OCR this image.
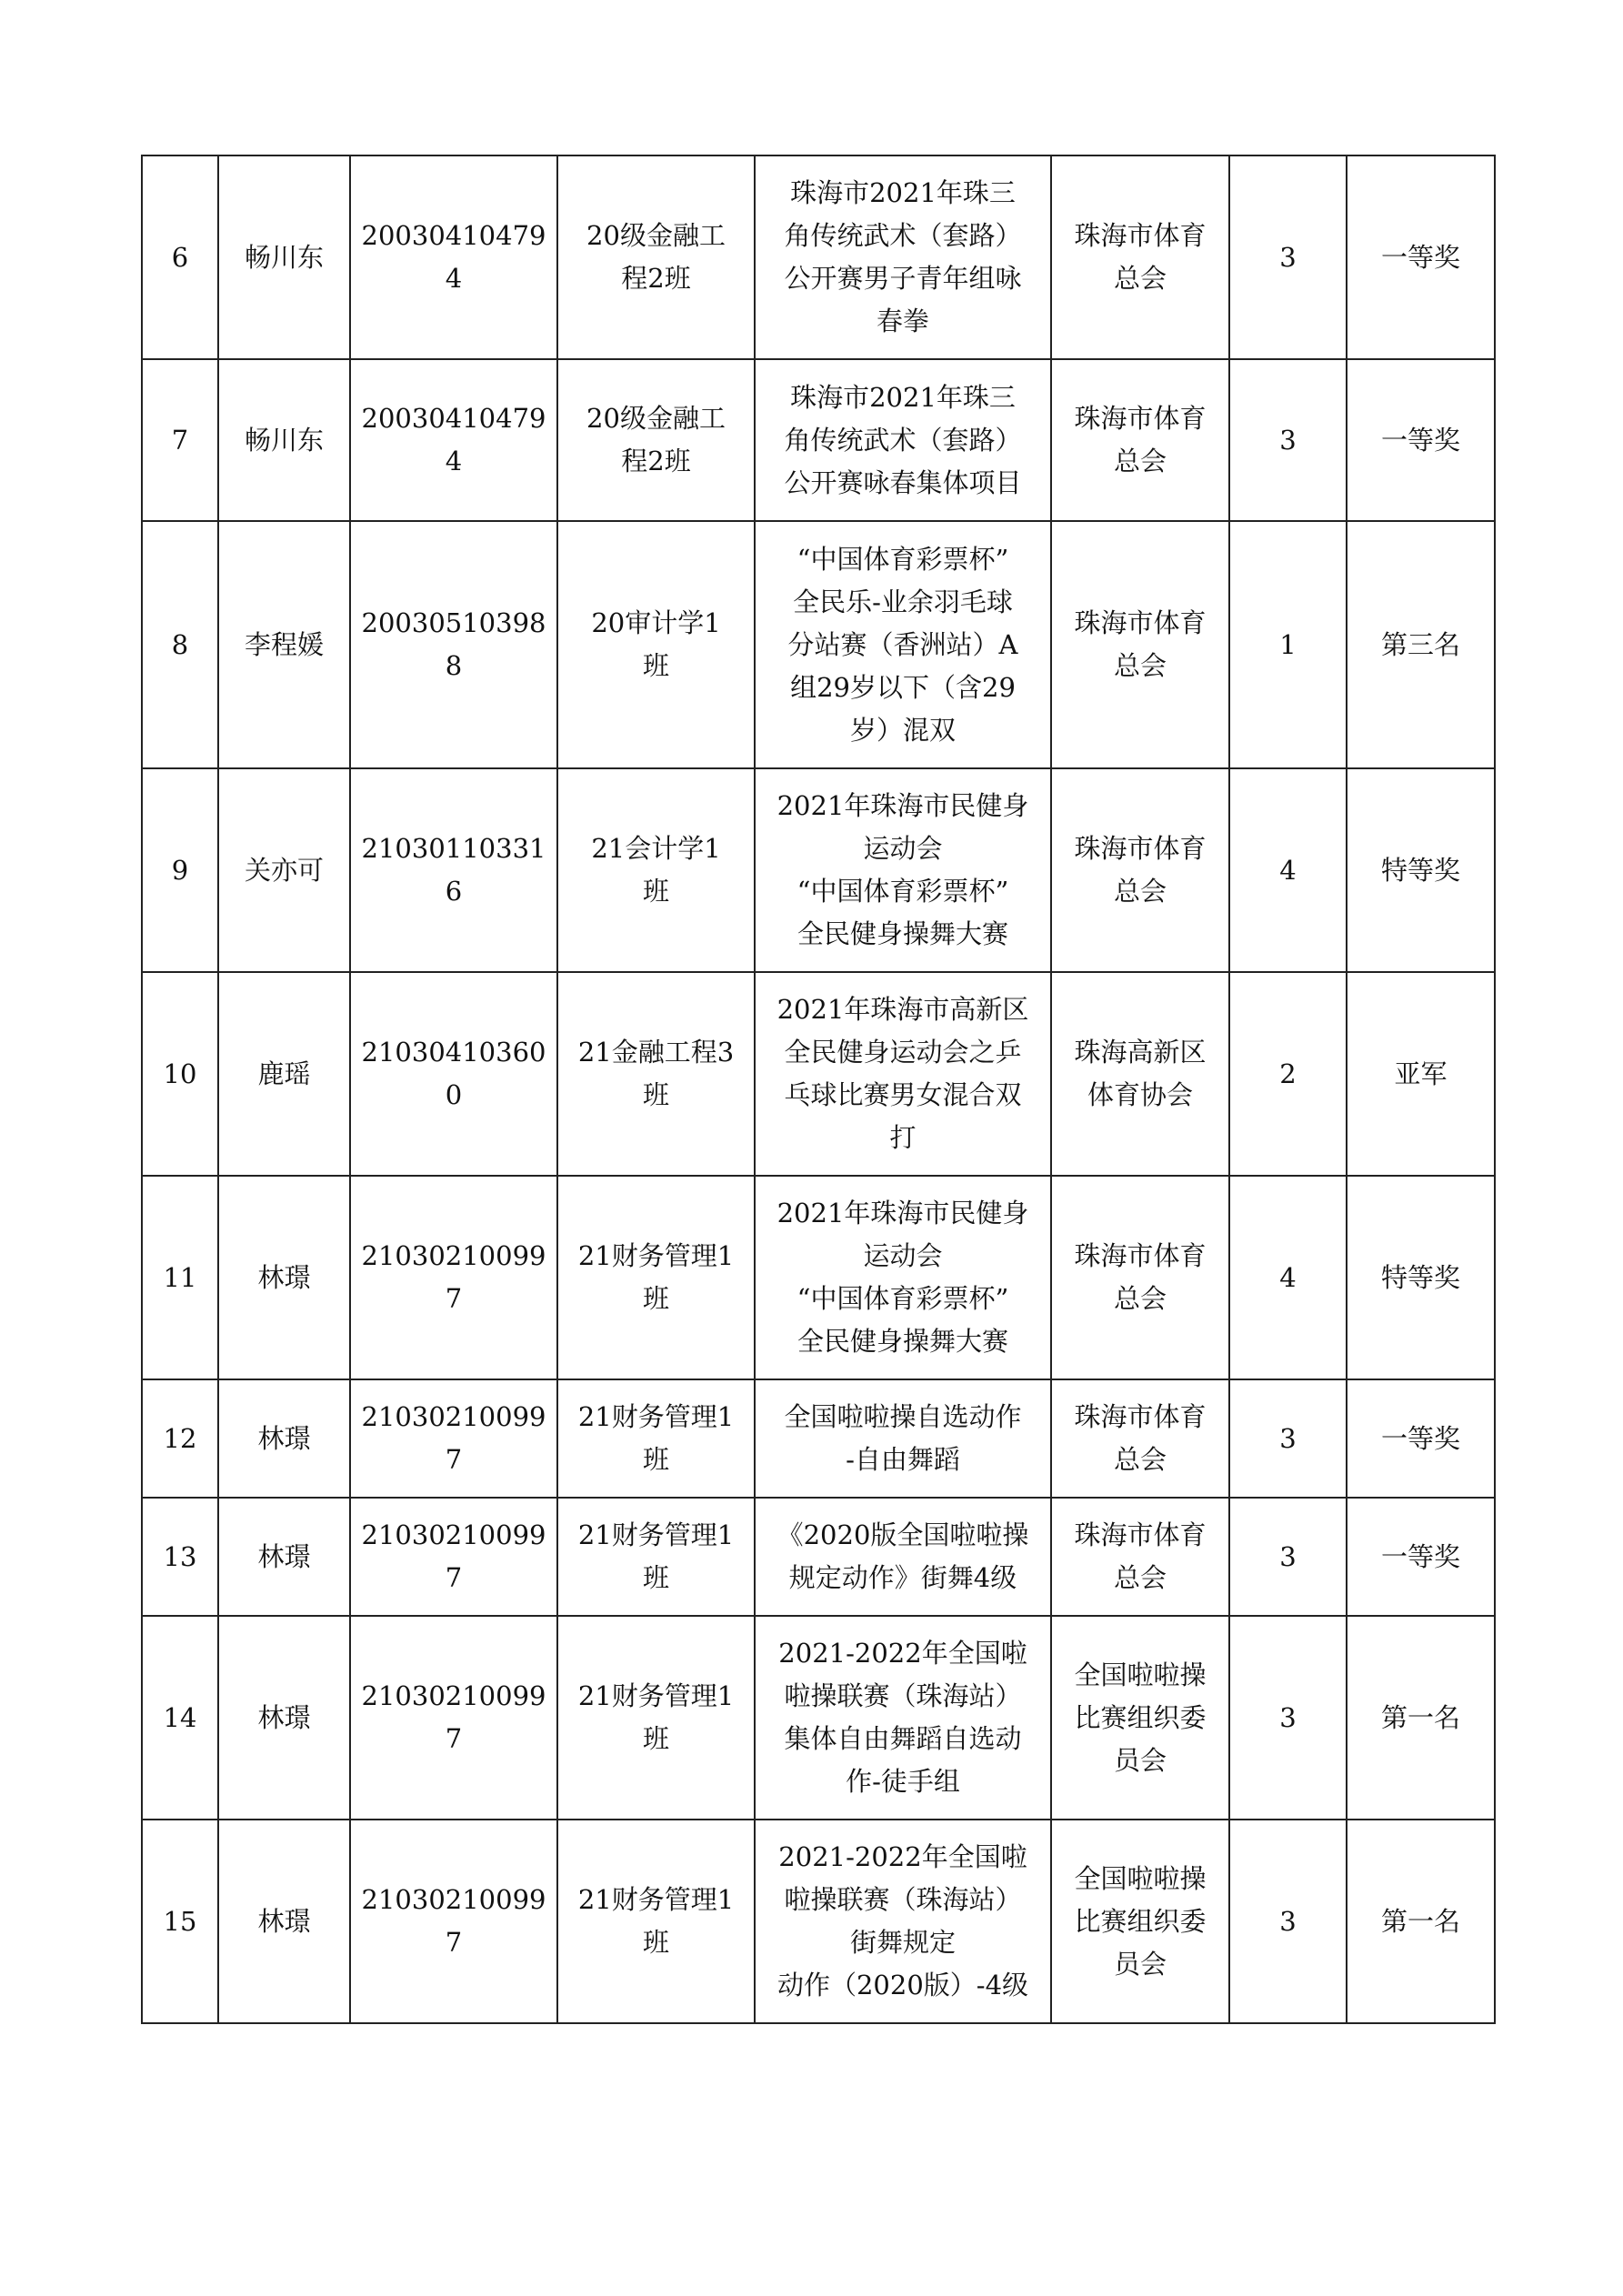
6	畅川东	200304104794	20级金融工
程2班	珠海市2021年珠三
角传统武术（套路）
公开赛男子青年组咏
春拳	珠海市体育
总会	3	一等奖
7	畅川东	200304104794	20级金融工
程2班	珠海市2021年珠三
角传统武术（套路）
公开赛咏春集体项目	珠海市体育
总会	3	一等奖
8	李程媛	200305103988	20审计学1
班	“中国体育彩票杯”
全民乐-业余羽毛球
分站赛（香洲站）A
组29岁以下（含29
岁）混双	珠海市体育
总会	1	第三名
9	关亦可	210301103316	21会计学1
班	2021年珠海市民健身
运动会
“中国体育彩票杯”
全民健身操舞大赛	珠海市体育
总会	4	特等奖
10	鹿瑶	210304103600	21金融工程3
班	2021年珠海市高新区
全民健身运动会之乒
乓球比赛男女混合双
打	珠海高新区
体育协会	2	亚军
11	林璟	210302100997	21财务管理1
班	2021年珠海市民健身
运动会
“中国体育彩票杯”
全民健身操舞大赛	珠海市体育
总会	4	特等奖
12	林璟	210302100997	21财务管理1
班	全国啦啦操自选动作
-自由舞蹈	珠海市体育
总会	3	一等奖
13	林璟	210302100997	21财务管理1
班	《2020版全国啦啦操
规定动作》街舞4级	珠海市体育
总会	3	一等奖
14	林璟	210302100997	21财务管理1
班	2021-2022年全国啦
啦操联赛（珠海站）
集体自由舞蹈自选动
作-徒手组	全国啦啦操
比赛组织委
员会	3	第一名
15	林璟	210302100997	21财务管理1
班	2021-2022年全国啦
啦操联赛（珠海站）
街舞规定
动作（2020版）-4级	全国啦啦操
比赛组织委
员会	3	第一名
